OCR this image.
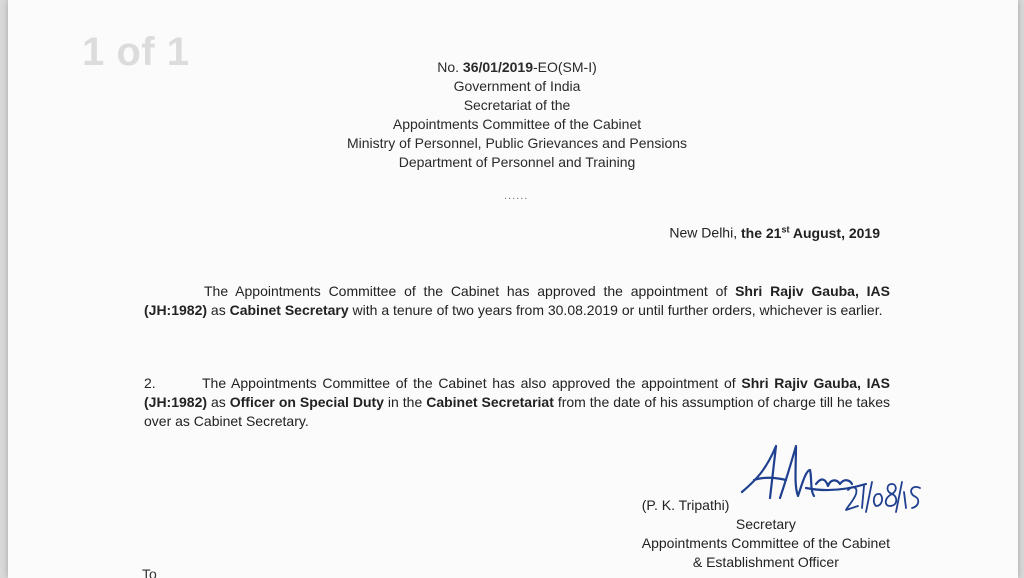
1 of 1	No. 36/01/2019-EO(SM-I)
Government of India
Secretariat of the
Appointments Committee of the Cabinet
Ministry of Personnel, Public Grievances and Pensions
Department of Personnel and Training
......
New Delhi, the 21st August, 2019
The Appointments Committee of the Cabinet has approved the appointment of Shri Rajiv Gauba, IAS (JH:1982) as Cabinet Secretary with a tenure of two years from 30.08.2019 or until further orders, whichever is earlier.
2.	The Appointments Committee of the Cabinet has also approved the appointment of Shri Rajiv Gauba, IAS (JH:1982) as Officer on Special Duty in the Cabinet Secretariat from the date of his assumption of charge till he takes over as Cabinet Secretary.
(P. K. Tripathi)
Secretary
Appointments Committee of the Cabinet
& Establishment Officer
To
